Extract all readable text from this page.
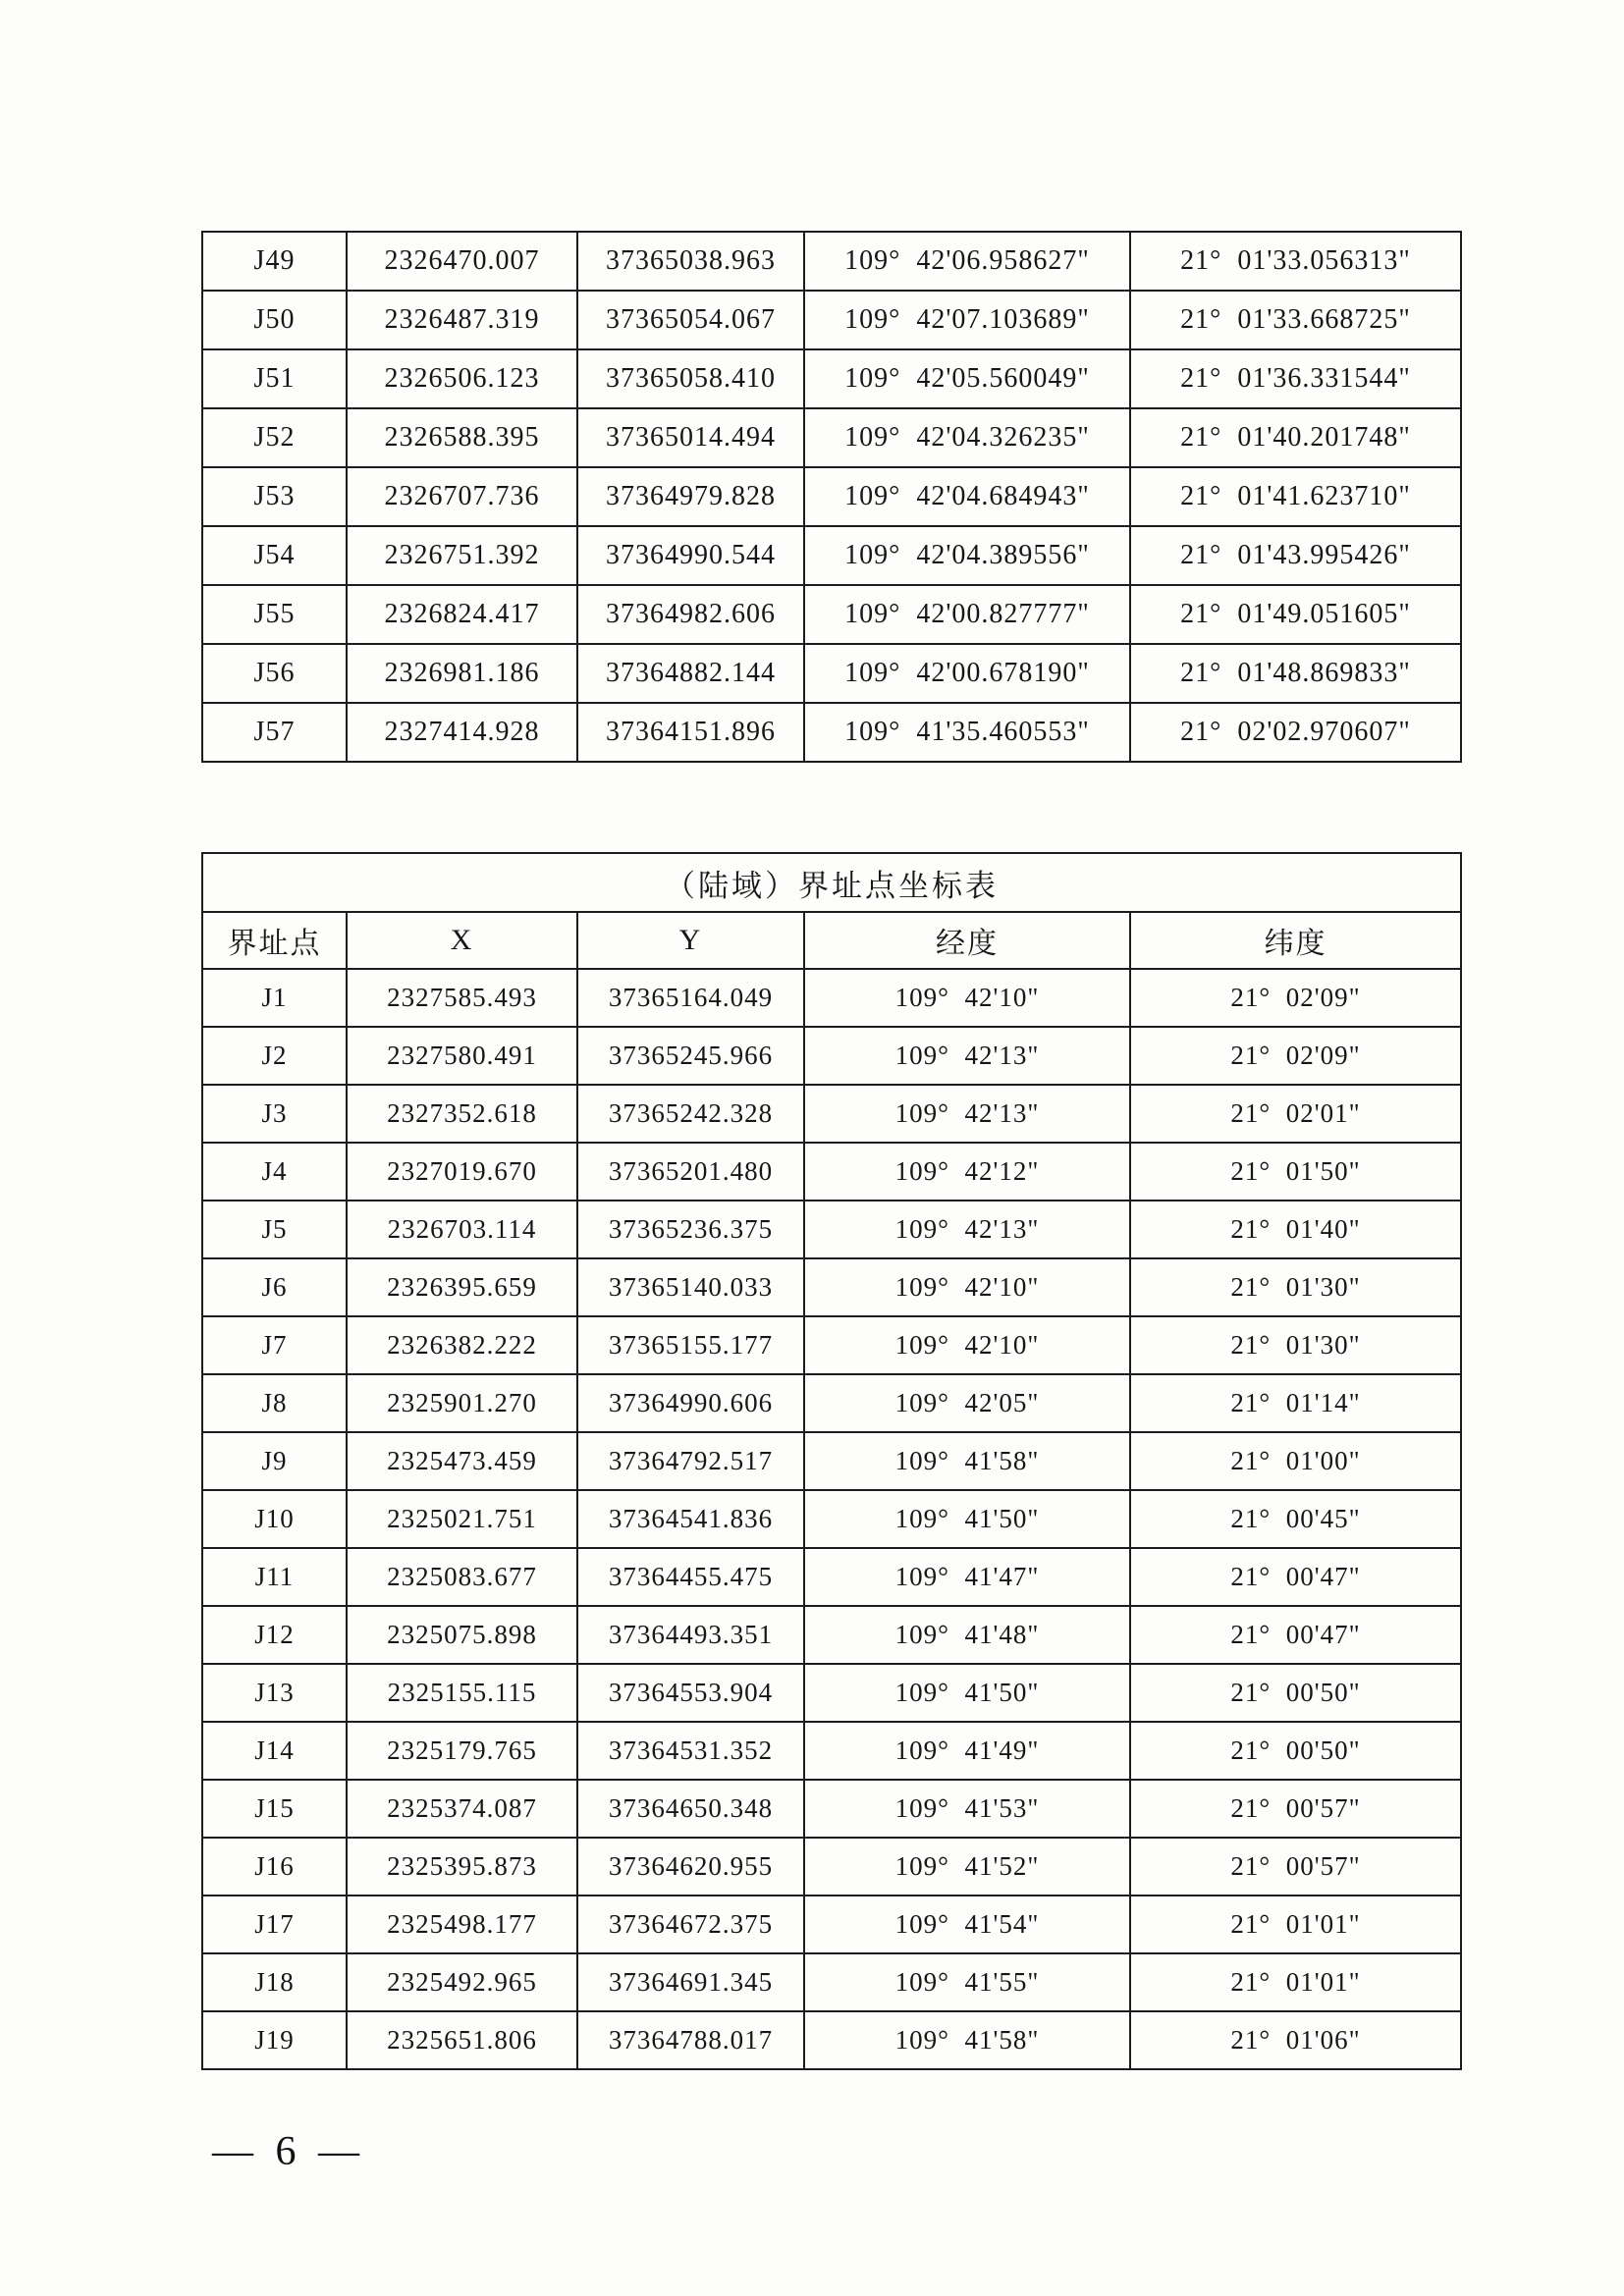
J49	2326470.007	37365038.963	109°  42'06.958627"	21°  01'33.056313"
J50	2326487.319	37365054.067	109°  42'07.103689"	21°  01'33.668725"
J51	2326506.123	37365058.410	109°  42'05.560049"	21°  01'36.331544"
J52	2326588.395	37365014.494	109°  42'04.326235"	21°  01'40.201748"
J53	2326707.736	37364979.828	109°  42'04.684943"	21°  01'41.623710"
J54	2326751.392	37364990.544	109°  42'04.389556"	21°  01'43.995426"
J55	2326824.417	37364982.606	109°  42'00.827777"	21°  01'49.051605"
J56	2326981.186	37364882.144	109°  42'00.678190"	21°  01'48.869833"
J57	2327414.928	37364151.896	109°  41'35.460553"	21°  02'02.970607"
（陆域）界址点坐标表				
界址点	X	Y	经度	纬度
J1	2327585.493	37365164.049	109°  42'10"	21°  02'09"
J2	2327580.491	37365245.966	109°  42'13"	21°  02'09"
J3	2327352.618	37365242.328	109°  42'13"	21°  02'01"
J4	2327019.670	37365201.480	109°  42'12"	21°  01'50"
J5	2326703.114	37365236.375	109°  42'13"	21°  01'40"
J6	2326395.659	37365140.033	109°  42'10"	21°  01'30"
J7	2326382.222	37365155.177	109°  42'10"	21°  01'30"
J8	2325901.270	37364990.606	109°  42'05"	21°  01'14"
J9	2325473.459	37364792.517	109°  41'58"	21°  01'00"
J10	2325021.751	37364541.836	109°  41'50"	21°  00'45"
J11	2325083.677	37364455.475	109°  41'47"	21°  00'47"
J12	2325075.898	37364493.351	109°  41'48"	21°  00'47"
J13	2325155.115	37364553.904	109°  41'50"	21°  00'50"
J14	2325179.765	37364531.352	109°  41'49"	21°  00'50"
J15	2325374.087	37364650.348	109°  41'53"	21°  00'57"
J16	2325395.873	37364620.955	109°  41'52"	21°  00'57"
J17	2325498.177	37364672.375	109°  41'54"	21°  01'01"
J18	2325492.965	37364691.345	109°  41'55"	21°  01'01"
J19	2325651.806	37364788.017	109°  41'58"	21°  01'06"
— 6 —
